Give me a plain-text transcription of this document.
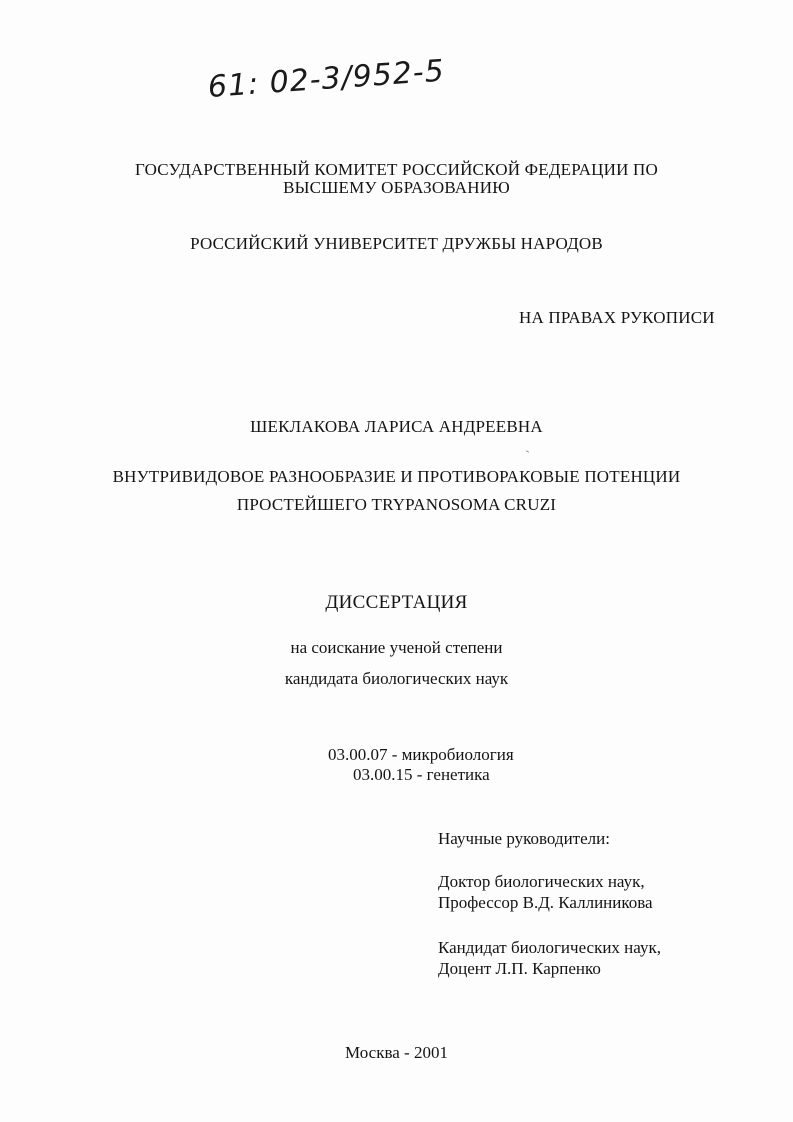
61: 02-3/952-5
ГОСУДАРСТВЕННЫЙ КОМИТЕТ РОССИЙСКОЙ ФЕДЕРАЦИИ ПО
ВЫСШЕМУ ОБРАЗОВАНИЮ
РОССИЙСКИЙ УНИВЕРСИТЕТ ДРУЖБЫ НАРОДОВ
НА ПРАВАХ РУКОПИСИ
ШЕКЛАКОВА ЛАРИСА АНДРЕЕВНА
ВНУТРИВИДОВОЕ РАЗНООБРАЗИЕ И ПРОТИВОРАКОВЫЕ ПОТЕНЦИИ
ПРОСТЕЙШЕГО TRYPANOSOMA CRUZI
ДИССЕРТАЦИЯ
на соискание ученой степени
кандидата биологических наук
03.00.07 - микробиология
03.00.15 - генетика
Научные руководители:
Доктор биологических наук,
Профессор В.Д. Каллиникова
Кандидат биологических наук,
Доцент Л.П. Карпенко
Москва - 2001
